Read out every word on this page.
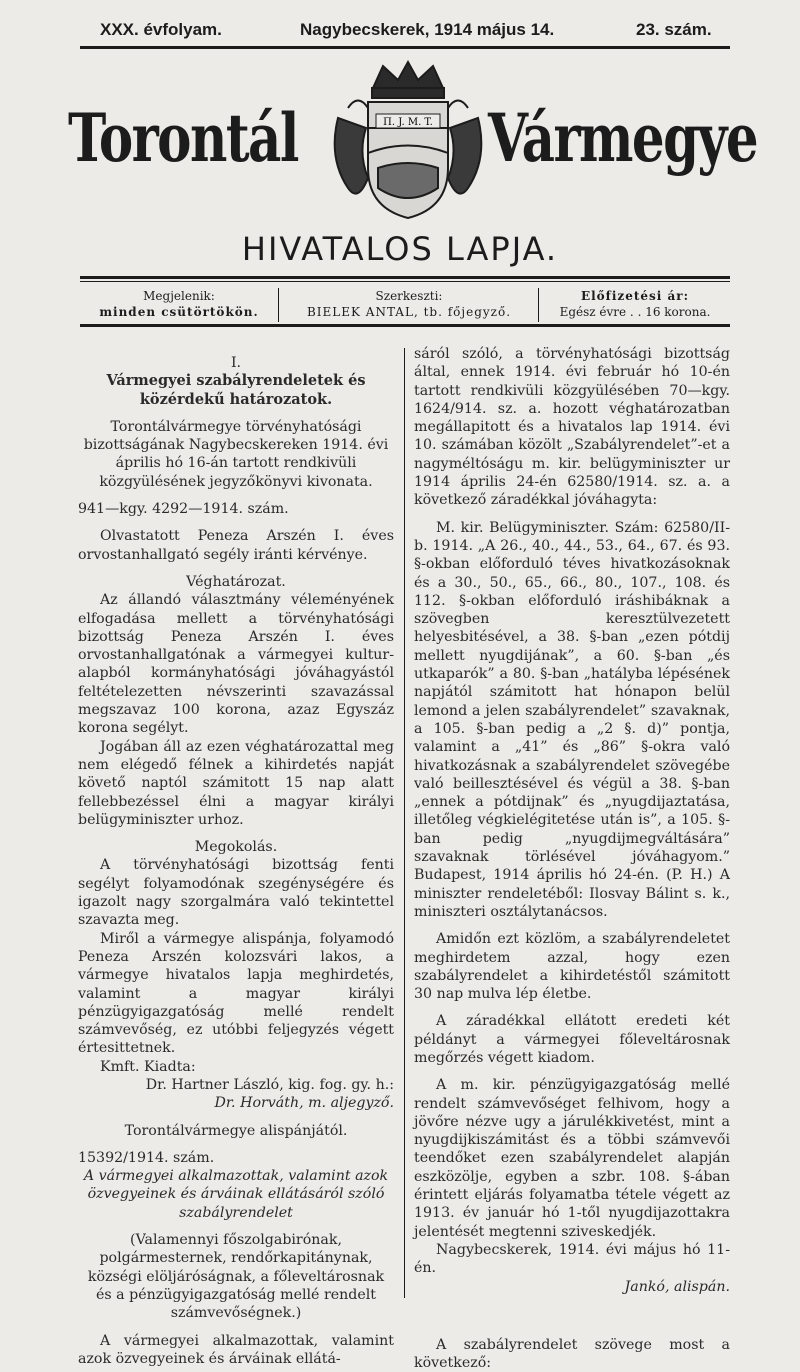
XXX. évfolyam.	Nagybecskerek, 1914 május 14.	23. szám.
Torontál	Vármegye
П. J. M. T.
HIVATALOS LAPJA.
Megjelenik:
minden csütörtökön.
Szerkeszti:
BIELEK ANTAL, tb. főjegyző.
Előfizetési ár:
Egész évre . . 16 korona.

I.

Vármegyei szabályrendeletek és közérdekű határozatok.

Torontálvármegye törvényhatósági bizottságának Nagybecskereken 1914. évi április hó 16-án tartott rendkivüli közgyülésének jegyzőkönyvi kivonata.

941—kgy. 4292—1914. szám.

Olvastatott Peneza Arszén I. éves orvostanhallgató segély iránti kérvénye.

Véghatározat.

Az állandó választmány véleményének elfogadása mellett a törvényhatósági bizottság Peneza Arszén I. éves orvostanhallgatónak a vármegyei kultur-alapból kormányhatósági jóváhagyástól feltételezetten névszerinti szavazással megszavaz 100 korona, azaz Egyszáz korona segélyt.

Jogában áll az ezen véghatározattal meg nem elégedő félnek a kihirdetés napját követő naptól számitott 15 nap alatt fellebbezéssel élni a magyar királyi belügyminiszter urhoz.

Megokolás.

A törvényhatósági bizottság fenti segélyt folyamodónak szegénységére és igazolt nagy szorgalmára való tekintettel szavazta meg.

Miről a vármegye alispánja, folyamodó Peneza Arszén kolozsvári lakos, a vármegye hivatalos lapja meghirdetés, valamint a magyar királyi pénzügyigazgatóság mellé rendelt számvevőség, ez utóbbi feljegyzés végett értesittetnek.

Kmft. Kiadta:

Dr. Hartner László, kig. fog. gy. h.:

Dr. Horváth, m. aljegyző.

Torontálvármegye alispánjától.

15392/1914. szám.

A vármegyei alkalmazottak, valamint azok özvegyeinek és árváinak ellátásáról szóló szabályrendelet

(Valamennyi főszolgabirónak, polgármesternek, rendőrkapitánynak, községi elöljáróságnak, a főleveltárosnak és a pénzügyigazgatóság mellé rendelt számvevőségnek.)

A vármegyei alkalmazottak, valamint azok özvegyeinek és árváinak ellátá-

sáról szóló, a törvényhatósági bizottság által, ennek 1914. évi február hó 10-én tartott rendkivüli közgyülésében 70—kgy. 1624/914. sz. a. hozott véghatározatban megállapitott és a hivatalos lap 1914. évi 10. számában közölt „Szabályrendelet”-et a nagyméltóságu m. kir. belügyminiszter ur 1914 április 24-én 62580/1914. sz. a. a következő záradékkal jóváhagyta:

M. kir. Belügyminiszter. Szám: 62580/II-b. 1914. „A 26., 40., 44., 53., 64., 67. és 93. §-okban előforduló téves hivatkozásoknak és a 30., 50., 65., 66., 80., 107., 108. és 112. §-okban előforduló iráshibáknak a szövegben keresztülvezetett helyesbitésével, a 38. §-ban „ezen pótdij mellett nyugdijának”, a 60. §-ban „és utkaparók” a 80. §-ban „hatályba lépésének napjától számitott hat hónapon belül lemond a jelen szabályrendelet” szavaknak, a 105. §-ban pedig a „2 §. d)” pontja, valamint a „41” és „86” §-okra való hivatkozásnak a szabályrendelet szövegébe való beillesztésével és végül a 38. §-ban „ennek a pótdijnak” és „nyugdijaztatása, illetőleg végkielégitetése után is”, a 105. §-ban pedig „nyugdijmegváltására” szavaknak törlésével jóváhagyom.” Budapest, 1914 április hó 24-én. (P. H.) A miniszter rendeletéből: Ilosvay Bálint s. k., miniszteri osztálytanácsos.

Amidőn ezt közlöm, a szabályrendeletet meghirdetem azzal, hogy ezen szabályrendelet a kihirdetéstől számitott 30 nap mulva lép életbe.

A záradékkal ellátott eredeti két példányt a vármegyei főleveltárosnak megőrzés végett kiadom.

A m. kir. pénzügyigazgatóság mellé rendelt számvevőséget felhivom, hogy a jövőre nézve ugy a járulékkivetést, mint a nyugdijkiszámitást és a többi számvevői teendőket ezen szabályrendelet alapján eszközölje, egyben a szbr. 108. §-ában érintett eljárás folyamatba tétele végett az 1913. év január hó 1-től nyugdijazottakra jelentését megtenni sziveskedjék.

Nagybecskerek, 1914. évi május hó 11-én.

Jankó, alispán.

A szabályrendelet szövege most a következő:
